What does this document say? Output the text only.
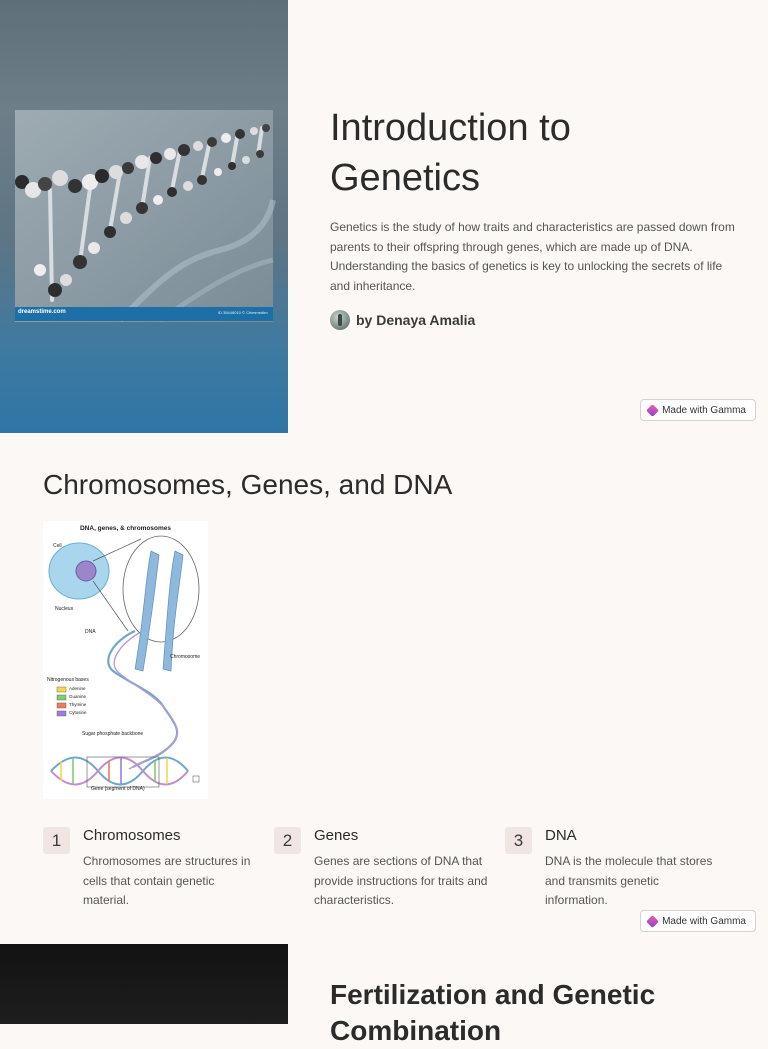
dreamstime.com	ID 35448010 © Chimmedtm
Introduction to Genetics

Genetics is the study of how traits and characteristics are passed down from parents to their offspring through genes, which are made up of DNA. Understanding the basics of genetics is key to unlocking the secrets of life and inheritance.

by Denaya Amalia
Made with Gamma
Chromosomes, Genes, and DNA
DNA, genes, & chromosomes
Cell
Nucleus
DNA
Chromosome
Nitrogenous bases
Adenine
Guanine
Thymine
Cytosine
Sugar phosphate backbone
Gene (segment of DNA)
1	Chromosomes
Chromosomes are structures in cells that contain genetic material.
2	Genes
Genes are sections of DNA that provide instructions for traits and characteristics.
3	DNA
DNA is the molecule that stores and transmits genetic information.
Made with Gamma
Fertilization and Genetic Combination
